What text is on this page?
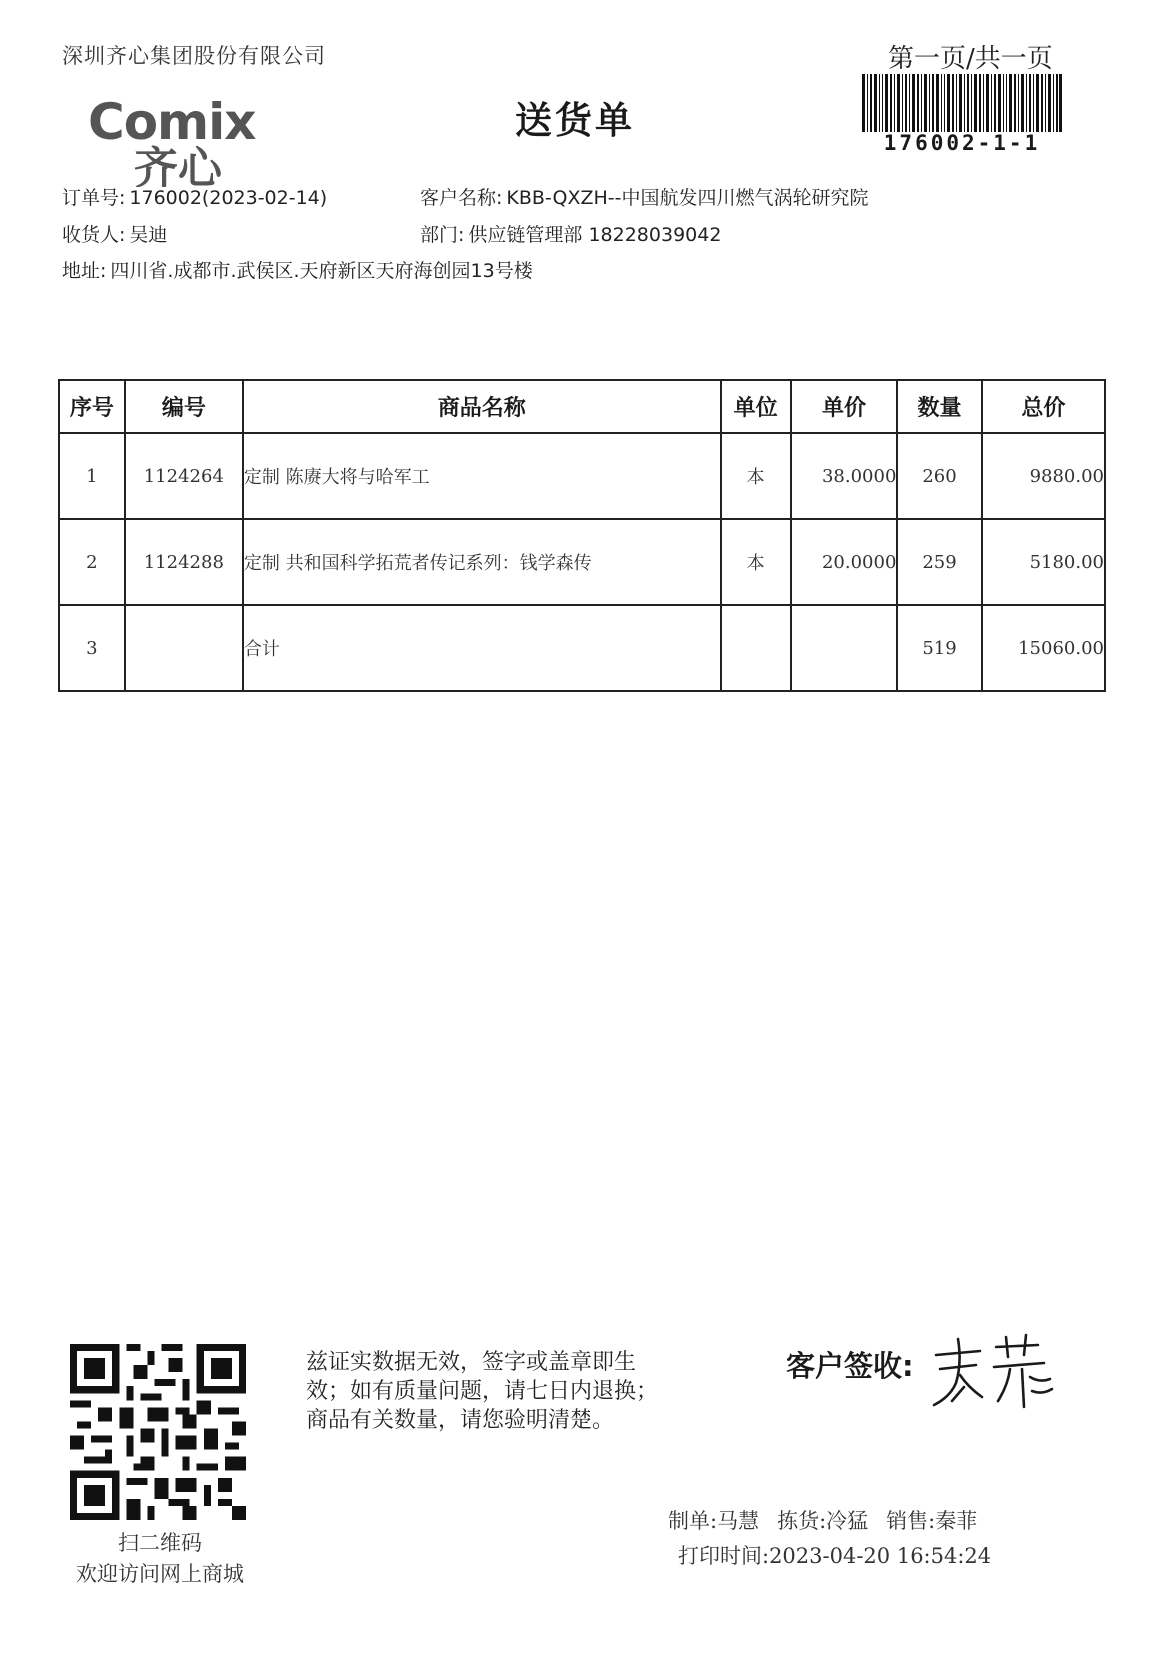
深圳齐心集团股份有限公司	第一页/共一页
176002-1-1
Comix
齐心
送货单
订单号: 176002(2023-02-14)	客户名称: KBB-QXZH--中国航发四川燃气涡轮研究院
收货人: 吴迪	部门: 供应链管理部 18228039042
地址: 四川省.成都市.武侯区.天府新区天府海创园13号楼
序号	编号	商品名称	单位	单价	数量	总价
1	1124264	定制 陈赓大将与哈军工	本	38.0000	260	9880.00
2	1124288	定制 共和国科学拓荒者传记系列：钱学森传	本	20.0000	259	5180.00
3		合计			519	15060.00
扫二维码
欢迎访问网上商城
兹证实数据无效，签字或盖章即生
效；如有质量问题，请七日内退换；
商品有关数量，请您验明清楚。
客户签收:
制单:马慧 拣货:冷猛 销售:秦菲
打印时间:2023-04-20 16:54:24
